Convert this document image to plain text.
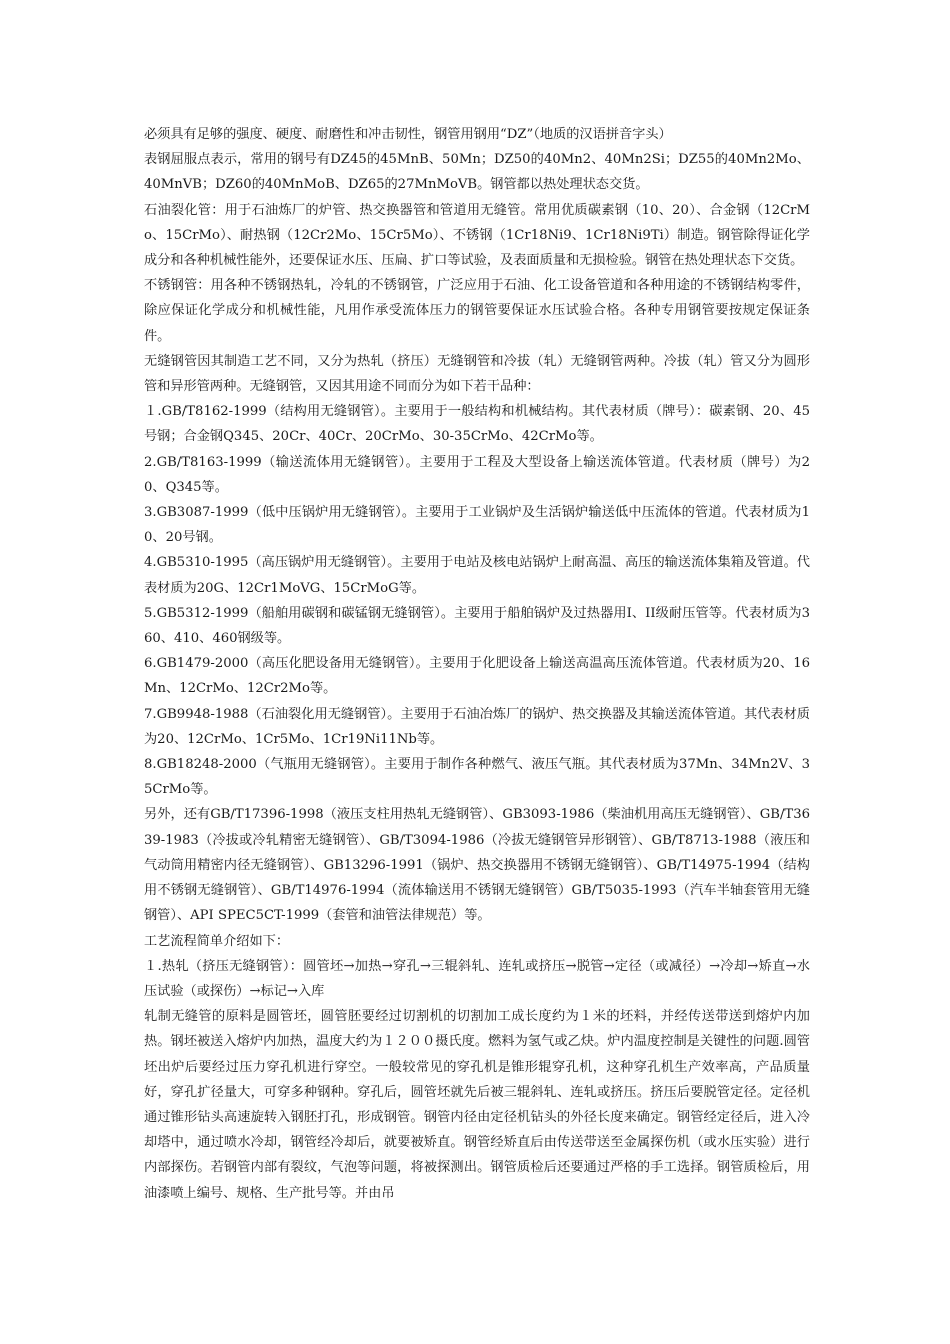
必须具有足够的强度、硬度、耐磨性和冲击韧性，钢管用钢用“DZ”（地质的汉语拼音字头）

表钢屈服点表示，常用的钢号有DZ45的45MnB、50Mn；DZ50的40Mn2、40Mn2Si；DZ55的40Mn2Mo、40MnVB；DZ60的40MnMoB、DZ65的27MnMoVB。钢管都以热处理状态交货。

石油裂化管：用于石油炼厂的炉管、热交换器管和管道用无缝管。常用优质碳素钢（10、20）、合金钢（12CrMo、15CrMo）、耐热钢（12Cr2Mo、15Cr5Mo）、不锈钢（1Cr18Ni9、1Cr18Ni9Ti）制造。钢管除得证化学成分和各种机械性能外，还要保证水压、压扁、扩口等试验，及表面质量和无损检验。钢管在热处理状态下交货。

不锈钢管：用各种不锈钢热轧，冷轧的不锈钢管，广泛应用于石油、化工设备管道和各种用途的不锈钢结构零件，除应保证化学成分和机械性能，凡用作承受流体压力的钢管要保证水压试验合格。各种专用钢管要按规定保证条件。

无缝钢管因其制造工艺不同，又分为热轧（挤压）无缝钢管和冷拔（轧）无缝钢管两种。冷拔（轧）管又分为圆形管和异形管两种。无缝钢管，又因其用途不同而分为如下若干品种：

１.GB/T8162-1999（结构用无缝钢管）。主要用于一般结构和机械结构。其代表材质（牌号）：碳素钢、20、45号钢；合金钢Q345、20Cr、40Cr、20CrMo、30-35CrMo、42CrMo等。

2.GB/T8163-1999（输送流体用无缝钢管）。主要用于工程及大型设备上输送流体管道。代表材质（牌号）为20、Q345等。

3.GB3087-1999（低中压锅炉用无缝钢管）。主要用于工业锅炉及生活锅炉输送低中压流体的管道。代表材质为10、20号钢。

4.GB5310-1995（高压锅炉用无缝钢管）。主要用于电站及核电站锅炉上耐高温、高压的输送流体集箱及管道。代表材质为20G、12Cr1MoVG、15CrMoG等。

5.GB5312-1999（船舶用碳钢和碳锰钢无缝钢管）。主要用于船舶锅炉及过热器用I、II级耐压管等。代表材质为360、410、460钢级等。

6.GB1479-2000（高压化肥设备用无缝钢管）。主要用于化肥设备上输送高温高压流体管道。代表材质为20、16Mn、12CrMo、12Cr2Mo等。

7.GB9948-1988（石油裂化用无缝钢管）。主要用于石油冶炼厂的锅炉、热交换器及其输送流体管道。其代表材质为20、12CrMo、1Cr5Mo、1Cr19Ni11Nb等。

8.GB18248-2000（气瓶用无缝钢管）。主要用于制作各种燃气、液压气瓶。其代表材质为37Mn、34Mn2V、35CrMo等。

另外，还有GB/T17396-1998（液压支柱用热轧无缝钢管）、GB3093-1986（柴油机用高压无缝钢管）、GB/T3639-1983（冷拔或冷轧精密无缝钢管）、GB/T3094-1986（冷拔无缝钢管异形钢管）、GB/T8713-1988（液压和气动筒用精密内径无缝钢管）、GB13296-1991（锅炉、热交换器用不锈钢无缝钢管）、GB/T14975-1994（结构用不锈钢无缝钢管）、GB/T14976-1994（流体输送用不锈钢无缝钢管）GB/T5035-1993（汽车半轴套管用无缝钢管）、API SPEC5CT-1999（套管和油管法律规范）等。

工艺流程简单介绍如下：

１.热轧（挤压无缝钢管）：圆管坯→加热→穿孔→三辊斜轧、连轧或挤压→脱管→定径（或减径）→冷却→矫直→水压试验（或探伤）→标记→入库

轧制无缝管的原料是圆管坯，圆管胚要经过切割机的切割加工成长度约为１米的坯料，并经传送带送到熔炉内加热。钢坯被送入熔炉内加热，温度大约为１２００摄氏度。燃料为氢气或乙炔。炉内温度控制是关键性的问题.圆管坯出炉后要经过压力穿孔机进行穿空。一般较常见的穿孔机是锥形辊穿孔机，这种穿孔机生产效率高，产品质量好，穿孔扩径量大，可穿多种钢种。穿孔后，圆管坯就先后被三辊斜轧、连轧或挤压。挤压后要脱管定径。定径机通过锥形钻头高速旋转入钢胚打孔，形成钢管。钢管内径由定径机钻头的外径长度来确定。钢管经定径后，进入冷却塔中，通过喷水冷却，钢管经冷却后，就要被矫直。钢管经矫直后由传送带送至金属探伤机（或水压实验）进行内部探伤。若钢管内部有裂纹，气泡等问题，将被探测出。钢管质检后还要通过严格的手工选择。钢管质检后，用油漆喷上编号、规格、生产批号等。并由吊
